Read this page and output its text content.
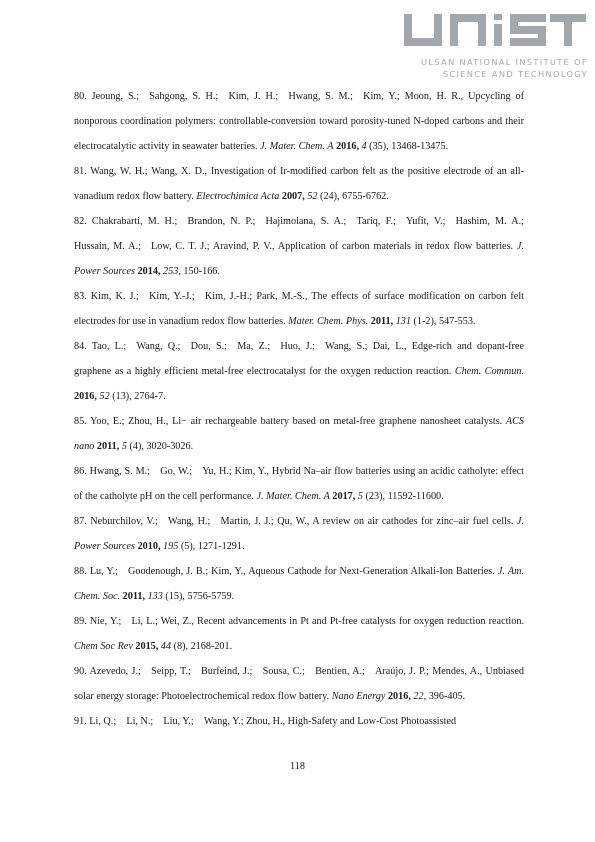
ULSAN NATIONAL INSTITUTE OF
SCIENCE AND TECHNOLOGY
80. Jeoung, S.; Sahgong, S. H.; Kim, J. H.; Hwang, S. M.; Kim, Y.; Moon, H. R., Upcycling of nonporous coordination polymers: controllable-conversion toward porosity-tuned N-doped carbons and their electrocatalytic activity in seawater batteries. J. Mater. Chem. A 2016, 4 (35), 13468-13475.
81. Wang, W. H.; Wang, X. D., Investigation of Ir-modified carbon felt as the positive electrode of an all-vanadium redox flow battery. Electrochimica Acta 2007, 52 (24), 6755-6762.
82. Chakrabarti, M. H.; Brandon, N. P.; Hajimolana, S. A.; Tariq, F.; Yufit, V.; Hashim, M. A.; Hussain, M. A.; Low, C. T. J.; Aravind, P. V., Application of carbon materials in redox flow batteries. J. Power Sources 2014, 253, 150-166.
83. Kim, K. J.; Kim, Y.-J.; Kim, J.-H.; Park, M.-S., The effects of surface modification on carbon felt electrodes for use in vanadium redox flow batteries. Mater. Chem. Phys. 2011, 131 (1-2), 547-553.
84. Tao, L.; Wang, Q.; Dou, S.; Ma, Z.; Huo, J.; Wang, S.; Dai, L., Edge-rich and dopant-free graphene as a highly efficient metal-free electrocatalyst for the oxygen reduction reaction. Chem. Commun. 2016, 52 (13), 2764-7.
85. Yoo, E.; Zhou, H., Li− air rechargeable battery based on metal-free graphene nanosheet catalysts. ACS nano 2011, 5 (4), 3020-3026.
86. Hwang, S. M.; Go, W.; Yu, H.; Kim, Y., Hybrid Na–air flow batteries using an acidic catholyte: effect of the catholyte pH on the cell performance. J. Mater. Chem. A 2017, 5 (23), 11592-11600.
87. Neburchilov, V.; Wang, H.; Martin, J. J.; Qu, W., A review on air cathodes for zinc–air fuel cells. J. Power Sources 2010, 195 (5), 1271-1291.
88. Lu, Y.; Goodenough, J. B.; Kim, Y., Aqueous Cathode for Next-Generation Alkali-Ion Batteries. J. Am. Chem. Soc. 2011, 133 (15), 5756-5759.
89. Nie, Y.; Li, L.; Wei, Z., Recent advancements in Pt and Pt-free catalysts for oxygen reduction reaction. Chem Soc Rev 2015, 44 (8), 2168-201.
90. Azevedo, J.; Seipp, T.; Burfeind, J.; Sousa, C.; Bentien, A.; Araújo, J. P.; Mendes, A., Unbiased solar energy storage: Photoelectrochemical redox flow battery. Nano Energy 2016, 22, 396-405.
91. Li, Q.; Li, N.; Liu, Y.; Wang, Y.; Zhou, H., High-Safety and Low-Cost Photoassisted
118
